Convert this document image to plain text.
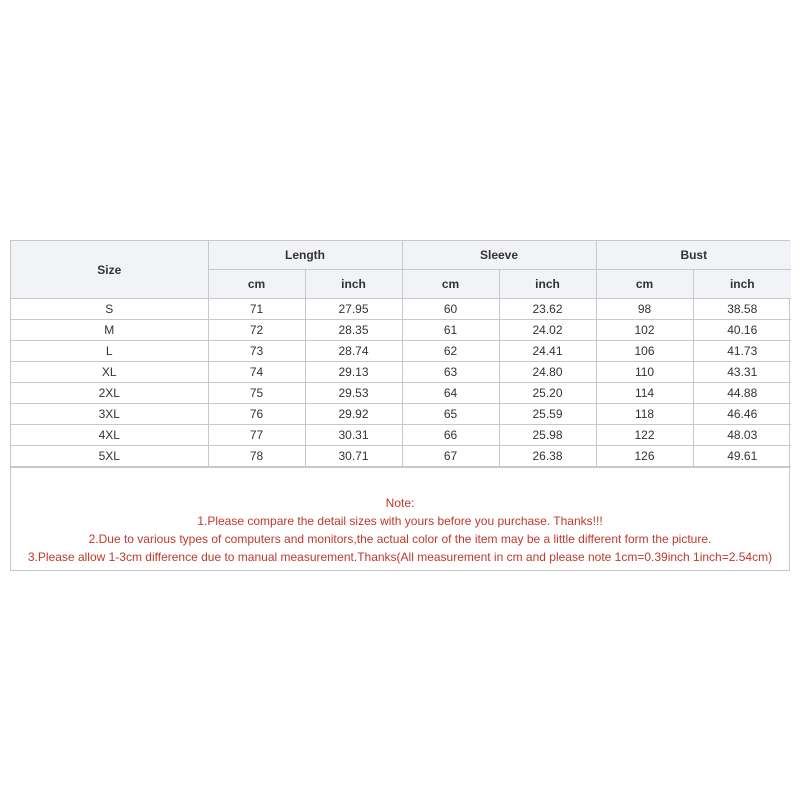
Size	Length		Sleeve		Bust	
	cm	inch	cm	inch	cm	inch
S	71	27.95	60	23.62	98	38.58
M	72	28.35	61	24.02	102	40.16
L	73	28.74	62	24.41	106	41.73
XL	74	29.13	63	24.80	110	43.31
2XL	75	29.53	64	25.20	114	44.88
3XL	76	29.92	65	25.59	118	46.46
4XL	77	30.31	66	25.98	122	48.03
5XL	78	30.71	67	26.38	126	49.61
Note:
1.Please compare the detail sizes with yours before you purchase. Thanks!!!
2.Due to various types of computers and monitors,the actual color of the item may be a little different form the picture.
3.Please allow 1-3cm difference due to manual measurement.Thanks(All measurement in cm and please note 1cm=0.39inch 1inch=2.54cm)
